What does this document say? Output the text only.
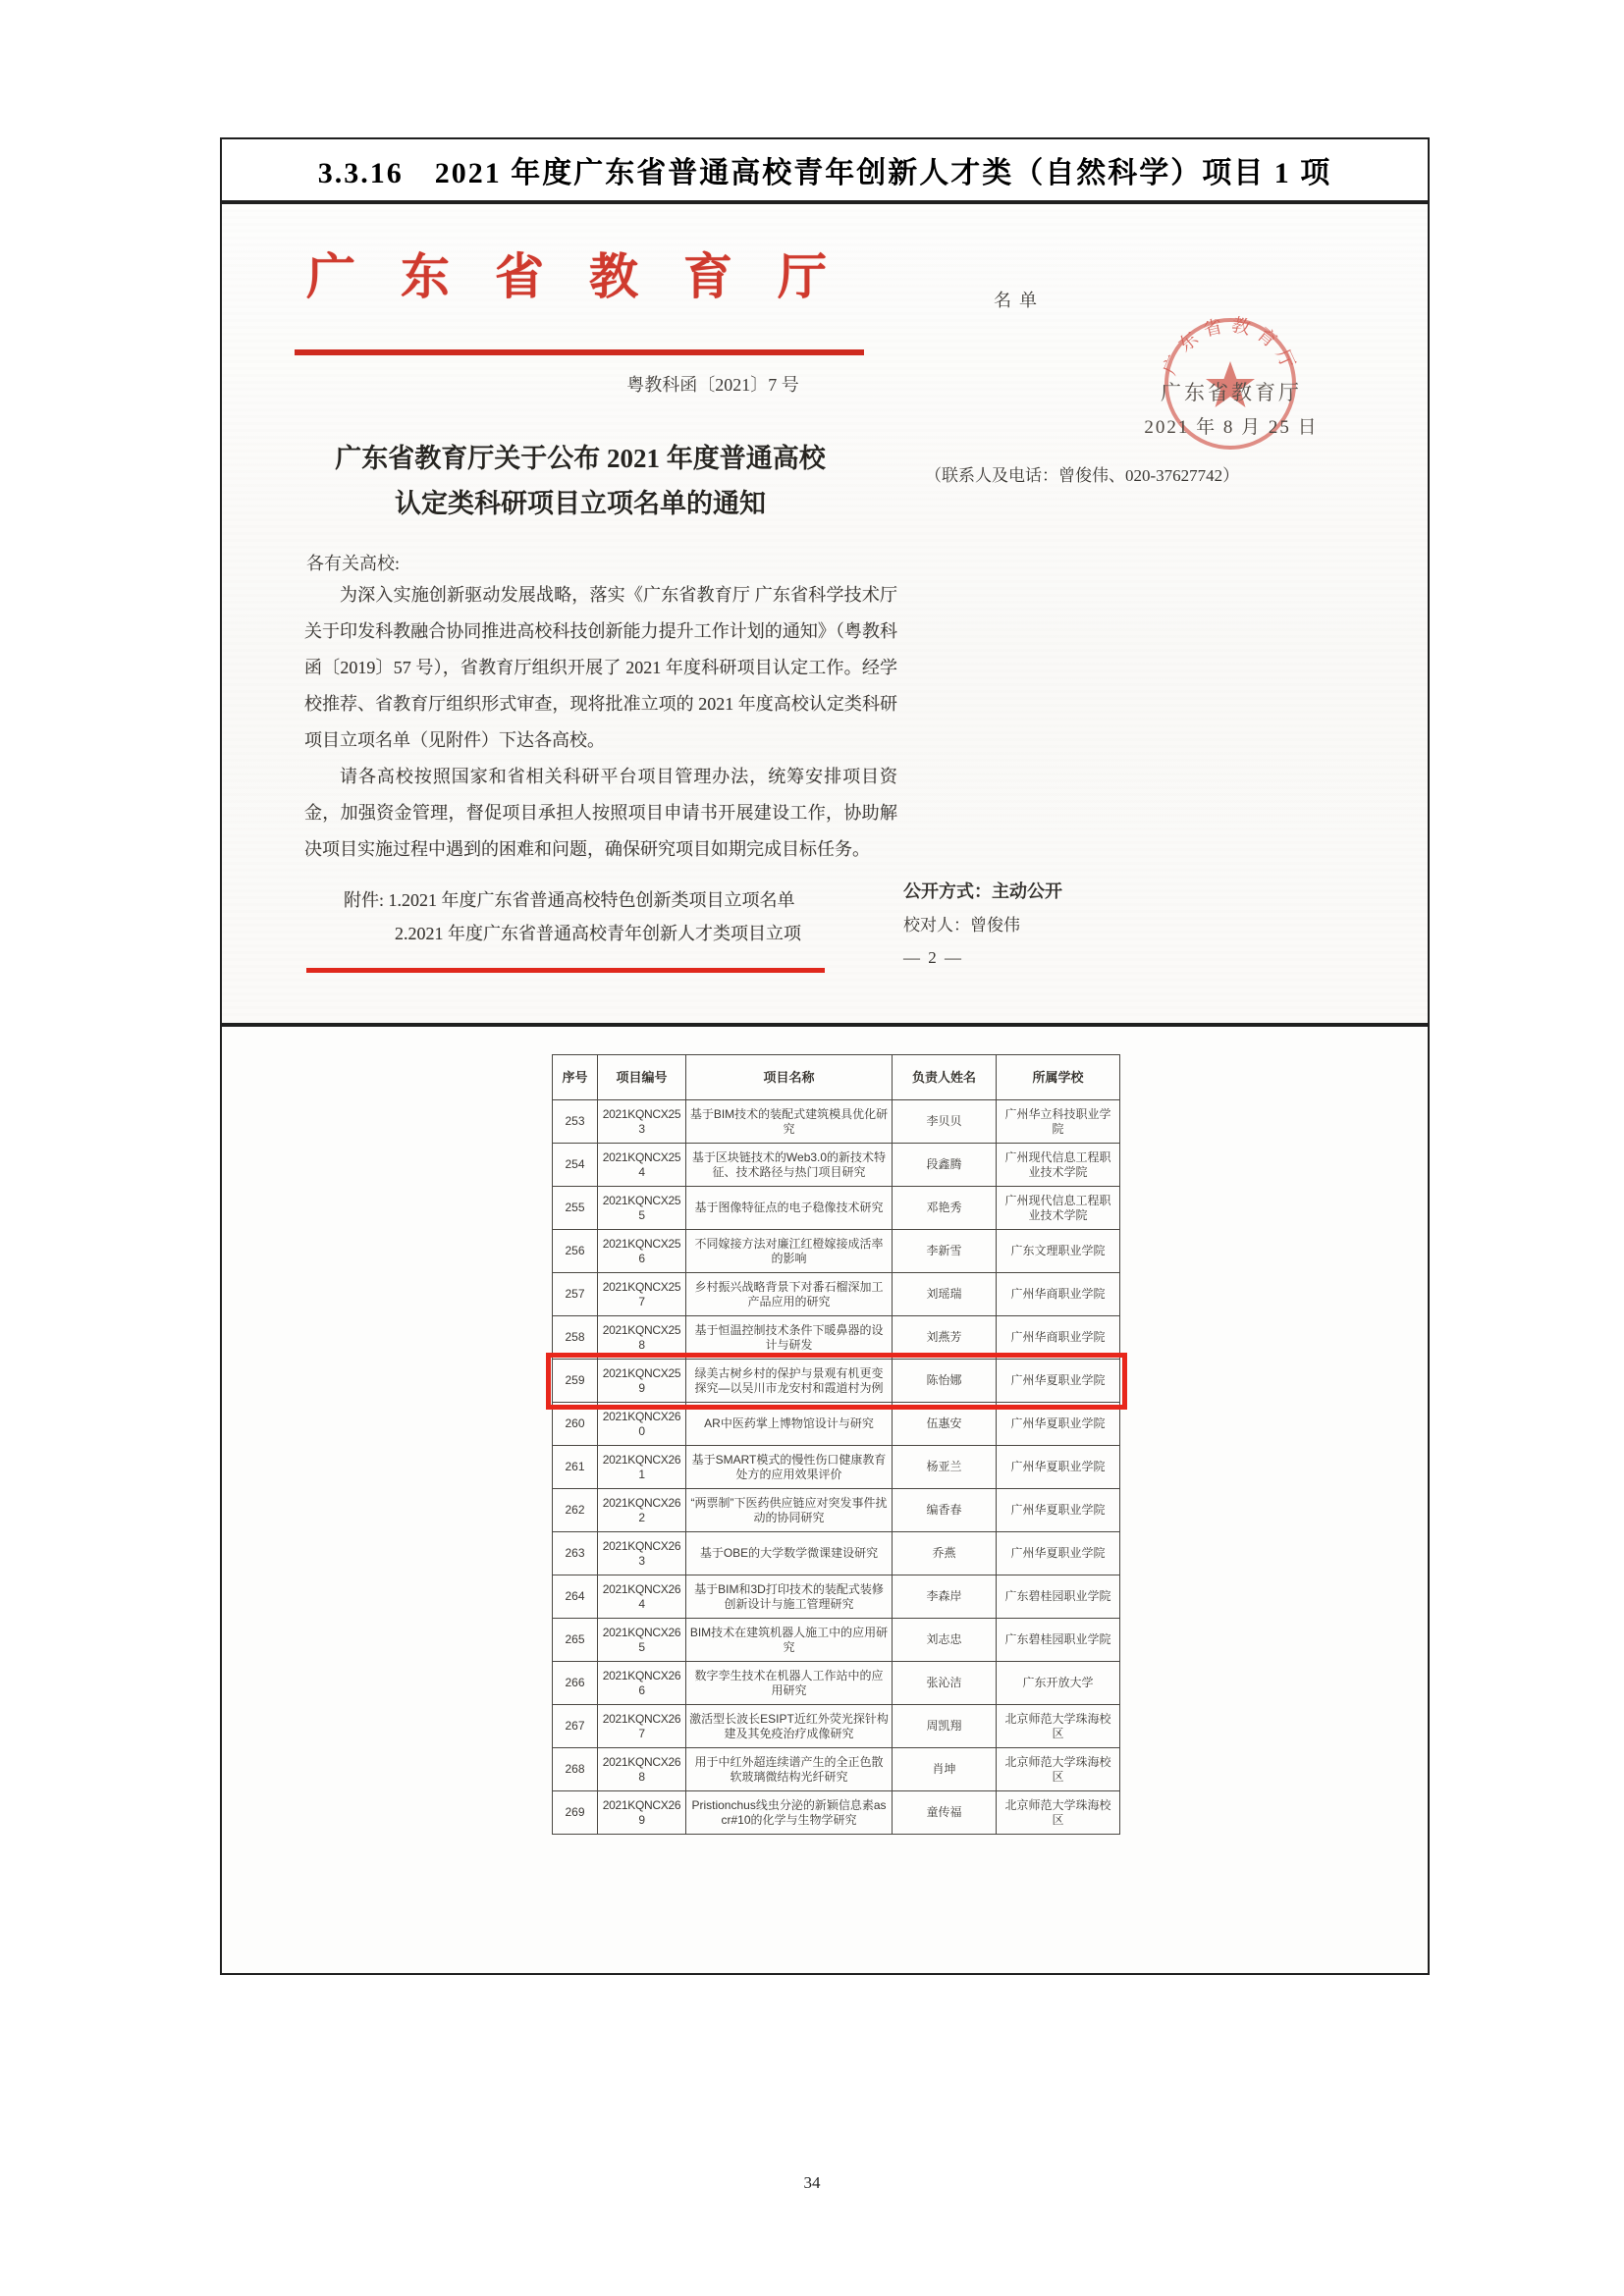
3.3.16　2021 年度广东省普通高校青年创新人才类（自然科学）项目 1 项
广东省教育厅
粤教科函〔2021〕7 号
广东省教育厅关于公布 2021 年度普通高校
认定类科研项目立项名单的通知
各有关高校:

为深入实施创新驱动发展战略，落实《广东省教育厅 广东省科学技术厅关于印发科教融合协同推进高校科技创新能力提升工作计划的通知》（粤教科函〔2019〕57 号），省教育厅组织开展了 2021 年度科研项目认定工作。经学校推荐、省教育厅组织形式审查，现将批准立项的 2021 年度高校认定类科研项目立项名单（见附件）下达各高校。

请各高校按照国家和省相关科研平台项目管理办法，统筹安排项目资金，加强资金管理，督促项目承担人按照项目申请书开展建设工作，协助解决项目实施过程中遇到的困难和问题，确保研究项目如期完成目标任务。

附件: 1.2021 年度广东省普通高校特色创新类项目立项名单
2.2021 年度广东省普通高校青年创新人才类项目立项
名单
广东省教育厅
广东省教育厅
2021 年 8 月 25 日
（联系人及电话：曾俊伟、020-37627742）
公开方式：主动公开
校对人：曾俊伟
— 2 —
序号	项目编号	项目名称	负责人姓名	所属学校
253	2021KQNCX253	基于BIM技术的装配式建筑模具优化研究	李贝贝	广州华立科技职业学院
254	2021KQNCX254	基于区块链技术的Web3.0的新技术特征、技术路径与热门项目研究	段鑫腾	广州现代信息工程职业技术学院
255	2021KQNCX255	基于图像特征点的电子稳像技术研究	邓艳秀	广州现代信息工程职业技术学院
256	2021KQNCX256	不同嫁接方法对廉江红橙嫁接成活率的影响	李新雪	广东文理职业学院
257	2021KQNCX257	乡村振兴战略背景下对番石榴深加工产品应用的研究	刘瑶瑞	广州华商职业学院
258	2021KQNCX258	基于恒温控制技术条件下暖鼻器的设计与研发	刘燕芳	广州华商职业学院
259	2021KQNCX259	绿美古树乡村的保护与景观有机更变探究—以吴川市龙安村和霞道村为例	陈怡娜	广州华夏职业学院
260	2021KQNCX260	AR中医药掌上博物馆设计与研究	伍惠安	广州华夏职业学院
261	2021KQNCX261	基于SMART模式的慢性伤口健康教育处方的应用效果评价	杨亚兰	广州华夏职业学院
262	2021KQNCX262	“两票制”下医药供应链应对突发事件扰动的协同研究	编香春	广州华夏职业学院
263	2021KQNCX263	基于OBE的大学数学微课建设研究	乔燕	广州华夏职业学院
264	2021KQNCX264	基于BIM和3D打印技术的装配式装修创新设计与施工管理研究	李森岸	广东碧桂园职业学院
265	2021KQNCX265	BIM技术在建筑机器人施工中的应用研究	刘志忠	广东碧桂园职业学院
266	2021KQNCX266	数字孪生技术在机器人工作站中的应用研究	张沁洁	广东开放大学
267	2021KQNCX267	激活型长波长ESIPT近红外荧光探针构建及其免疫治疗成像研究	周凯翔	北京师范大学珠海校区
268	2021KQNCX268	用于中红外超连续谱产生的全正色散软玻璃微结构光纤研究	肖坤	北京师范大学珠海校区
269	2021KQNCX269	Pristionchus线虫分泌的新颖信息素ascr#10的化学与生物学研究	童传福	北京师范大学珠海校区
34
